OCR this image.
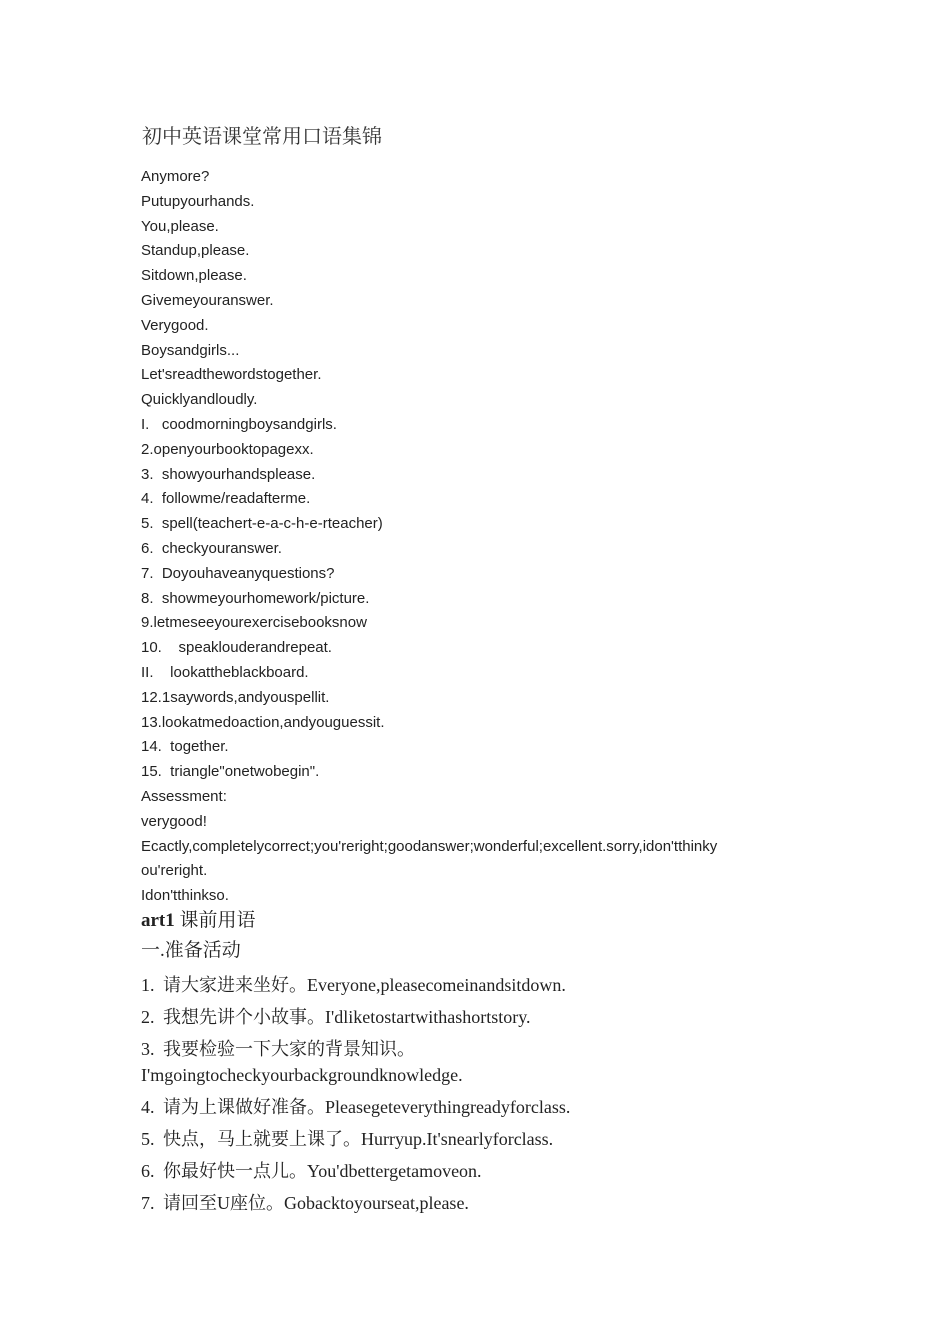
初中英语课堂常用口语集锦
Anymore?
Putupyourhands.
You,please.
Standup,please.
Sitdown,please.
Givemeyouranswer.
Verygood.
Boysandgirls...
Let'sreadthewordstogether.
Quicklyandloudly.
I.   coodmorningboysandgirls.
2.openyourbooktopagexx.
3.  showyourhandsplease.
4.  followme/readafterme.
5.  spell(teachert-e-a-c-h-e-rteacher)
6.  checkyouranswer.
7.  Doyouhaveanyquestions?
8.  showmeyourhomework/picture.
9.letmeseeyourexercisebooksnow
10.    speaklouderandrepeat.
II.    lookattheblackboard.
12.1saywords,andyouspellit.
13.lookatmedoaction,andyouguessit.
14.  together.
15.  triangle"onetwobegin".
Assessment:
verygood!
Ecactly,completelycorrect;you'reright;goodanswer;wonderful;excellent.sorry,idon'tthinky
ou'reright.
Idon'tthinkso.
art1 课前用语
一.准备活动
1. 请大家进来坐好。Everyone,pleasecomeinandsitdown.
2. 我想先讲个小故事。I'dliketostartwithashortstory.
3. 我要检验一下大家的背景知识。
I'mgoingtocheckyourbackgroundknowledge.
4. 请为上课做好准备。Pleasegeteverythingreadyforclass.
5. 快点，马上就要上课了。Hurryup.It'snearlyforclass.
6. 你最好快一点儿。You'dbettergetamoveon.
7. 请回至U座位。Gobacktoyourseat,please.
